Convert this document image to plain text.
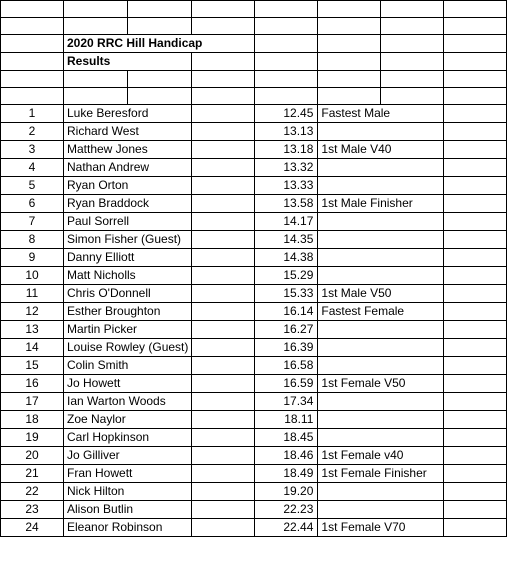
	2020 RRC Hill Handicap						
	Results						

1	Luke Beresford			12.45	Fastest Male		
2	Richard West			13.13			
3	Matthew Jones			13.18	1st Male V40		
4	Nathan Andrew			13.32			
5	Ryan Orton			13.33			
6	Ryan Braddock			13.58	1st Male Finisher		
7	Paul Sorrell			14.17			
8	Simon Fisher (Guest)			14.35			
9	Danny Elliott			14.38			
10	Matt Nicholls			15.29			
11	Chris O'Donnell			15.33	1st Male V50		
12	Esther Broughton			16.14	Fastest Female		
13	Martin Picker			16.27			
14	Louise Rowley (Guest)			16.39			
15	Colin Smith			16.58			
16	Jo Howett			16.59	1st Female V50		
17	Ian Warton Woods			17.34			
18	Zoe Naylor			18.11			
19	Carl Hopkinson			18.45			
20	Jo Gilliver			18.46	1st Female v40		
21	Fran Howett			18.49	1st Female Finisher		
22	Nick Hilton			19.20			
23	Alison Butlin			22.23			
24	Eleanor Robinson			22.44	1st Female V70		
